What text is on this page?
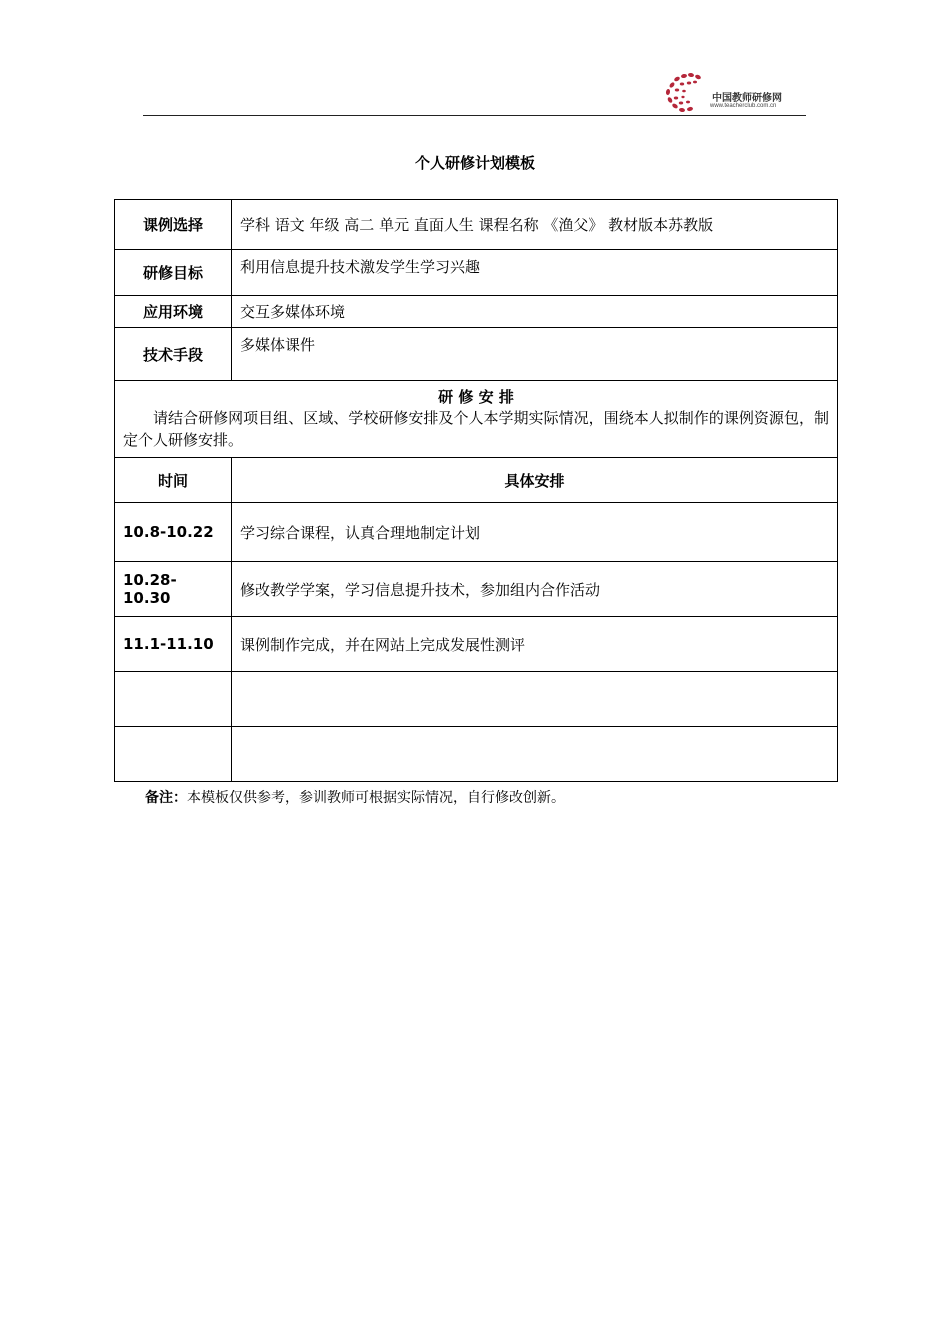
中国教师研修网
www.teacherclub.com.cn
个人研修计划模板
课例选择	学科 语文 年级 高二 单元 直面人生 课程名称 《渔父》 教材版本苏教版
研修目标	利用信息提升技术激发学生学习兴趣
应用环境	交互多媒体环境
技术手段	多媒体课件

研 修 安 排
请结合研修网项目组、区域、学校研修安排及个人本学期实际情况，围绕本人拟制作的课例资源包，制定个人研修安排。	

时间	具体安排
10.8-10.22	学习综合课程，认真合理地制定计划
10.28-10.30	修改教学学案，学习信息提升技术，参加组内合作活动
11.1-11.10	课例制作完成，并在网站上完成发展性测评

备注：本模板仅供参考，参训教师可根据实际情况，自行修改创新。
